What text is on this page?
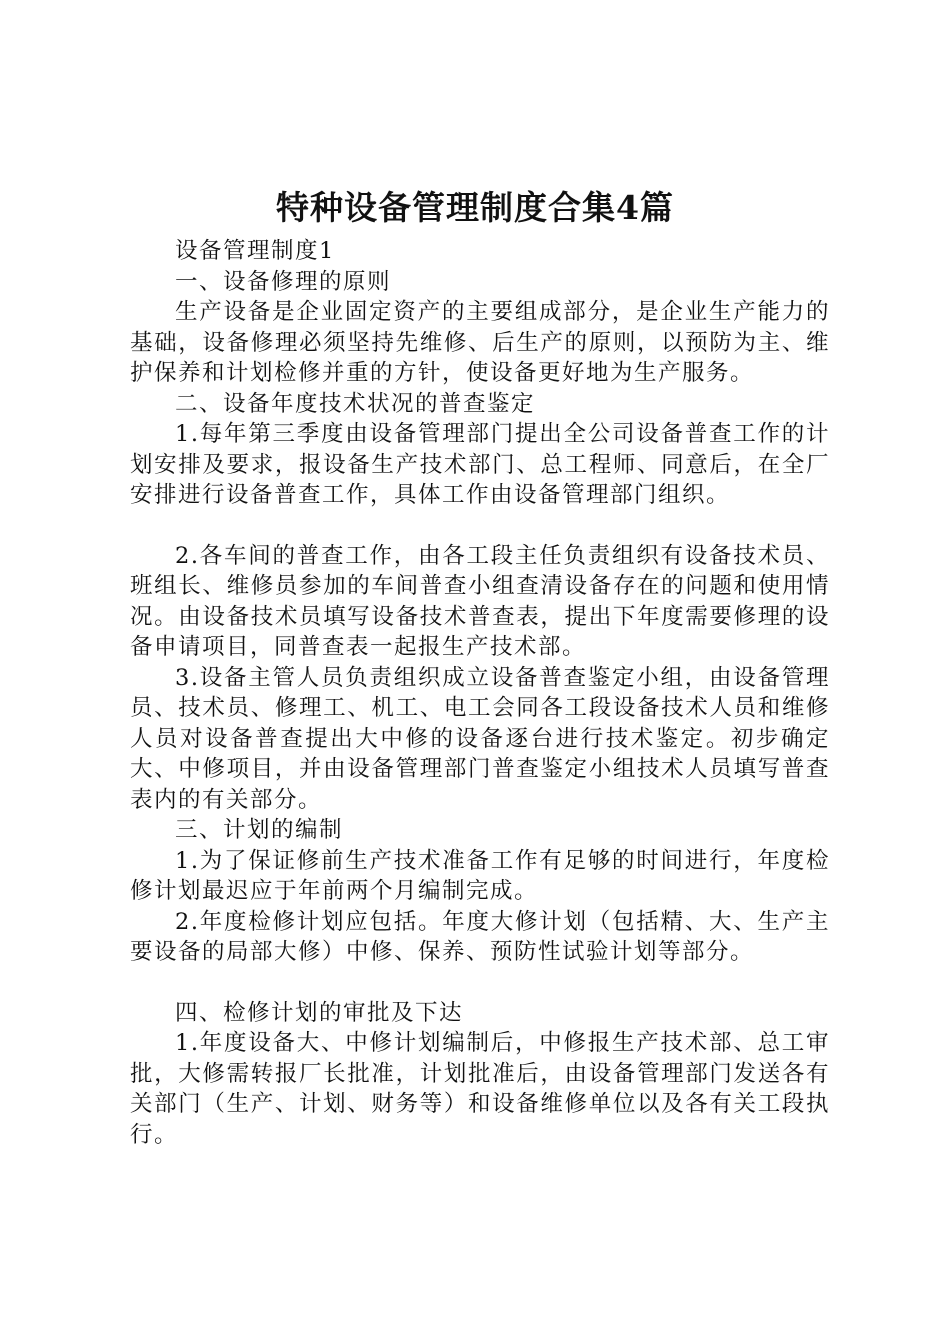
特种设备管理制度合集4篇

设备管理制度1

一、设备修理的原则

生产设备是企业固定资产的主要组成部分，是企业生产能力的基础，设备修理必须坚持先维修、后生产的原则，以预防为主、维护保养和计划检修并重的方针，使设备更好地为生产服务。

二、设备年度技术状况的普查鉴定

1.每年第三季度由设备管理部门提出全公司设备普查工作的计划安排及要求，报设备生产技术部门、总工程师、同意后，在全厂安排进行设备普查工作，具体工作由设备管理部门组织。

2.各车间的普查工作，由各工段主任负责组织有设备技术员、班组长、维修员参加的车间普查小组查清设备存在的问题和使用情况。由设备技术员填写设备技术普查表，提出下年度需要修理的设备申请项目，同普查表一起报生产技术部。

3.设备主管人员负责组织成立设备普查鉴定小组，由设备管理员、技术员、修理工、机工、电工会同各工段设备技术人员和维修人员对设备普查提出大中修的设备逐台进行技术鉴定。初步确定大、中修项目，并由设备管理部门普查鉴定小组技术人员填写普查表内的有关部分。

三、计划的编制

1.为了保证修前生产技术准备工作有足够的时间进行，年度检修计划最迟应于年前两个月编制完成。

2.年度检修计划应包括。年度大修计划（包括精、大、生产主要设备的局部大修）中修、保养、预防性试验计划等部分。

四、检修计划的审批及下达

1.年度设备大、中修计划编制后，中修报生产技术部、总工审批，大修需转报厂长批准，计划批准后，由设备管理部门发送各有关部门（生产、计划、财务等）和设备维修单位以及各有关工段执行。
